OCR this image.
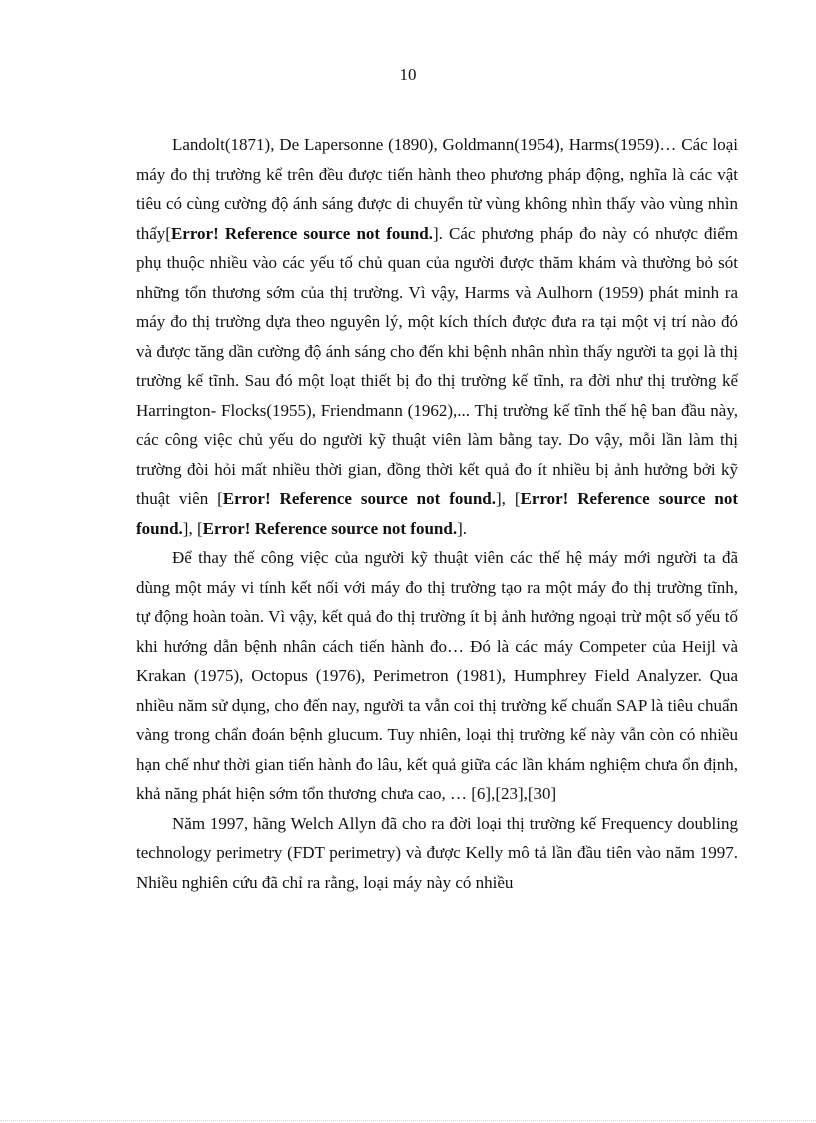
10

Landolt(1871), De Lapersonne (1890), Goldmann(1954), Harms(1959)… Các loại máy đo thị trường kể trên đều được tiến hành theo phương pháp động, nghĩa là các vật tiêu có cùng cường độ ánh sáng được di chuyển từ vùng không nhìn thấy vào vùng nhìn thấy[Error! Reference source not found.]. Các phương pháp đo này có nhược điểm phụ thuộc nhiều vào các yếu tố chủ quan của người được thăm khám và thường bỏ sót những tổn thương sớm của thị trường. Vì vậy, Harms và Aulhorn (1959) phát minh ra máy đo thị trường dựa theo nguyên lý, một kích thích được đưa ra tại một vị trí nào đó và được tăng dần cường độ ánh sáng cho đến khi bệnh nhân nhìn thấy người ta gọi là thị trường kế tĩnh. Sau đó một loạt thiết bị đo thị trường kế tĩnh, ra đời như thị trường kế Harrington- Flocks(1955), Friendmann (1962),... Thị trường kế tĩnh thế hệ ban đầu này, các công việc chủ yếu do người kỹ thuật viên làm bằng tay. Do vậy, mỗi lần làm thị trường đòi hỏi mất nhiều thời gian, đồng thời kết quả đo ít nhiều bị ảnh hưởng bởi kỹ thuật viên [Error! Reference source not found.], [Error! Reference source not found.], [Error! Reference source not found.].

Để thay thế công việc của người kỹ thuật viên các thế hệ máy mới người ta đã dùng một máy vi tính kết nối với máy đo thị trường tạo ra một máy đo thị trường tĩnh, tự động hoàn toàn. Vì vậy, kết quả đo thị trường ít bị ảnh hưởng ngoại trừ một số yếu tố khi hướng dẫn bệnh nhân cách tiến hành đo… Đó là các máy Competer của Heijl và Krakan (1975), Octopus (1976), Perimetron (1981), Humphrey Field Analyzer. Qua nhiều năm sử dụng, cho đến nay, người ta vẫn coi thị trường kế chuẩn SAP là tiêu chuẩn vàng trong chẩn đoán bệnh glucum. Tuy nhiên, loại thị trường kế này vẫn còn có nhiều hạn chế như thời gian tiến hành đo lâu, kết quả giữa các lần khám nghiệm chưa ổn định, khả năng phát hiện sớm tổn thương chưa cao, … [6],[23],[30]

Năm 1997, hãng Welch Allyn đã cho ra đời loại thị trường kế Frequency doubling technology perimetry (FDT perimetry) và được Kelly mô tả lần đầu tiên vào năm 1997. Nhiều nghiên cứu đã chỉ ra rằng, loại máy này có nhiều
